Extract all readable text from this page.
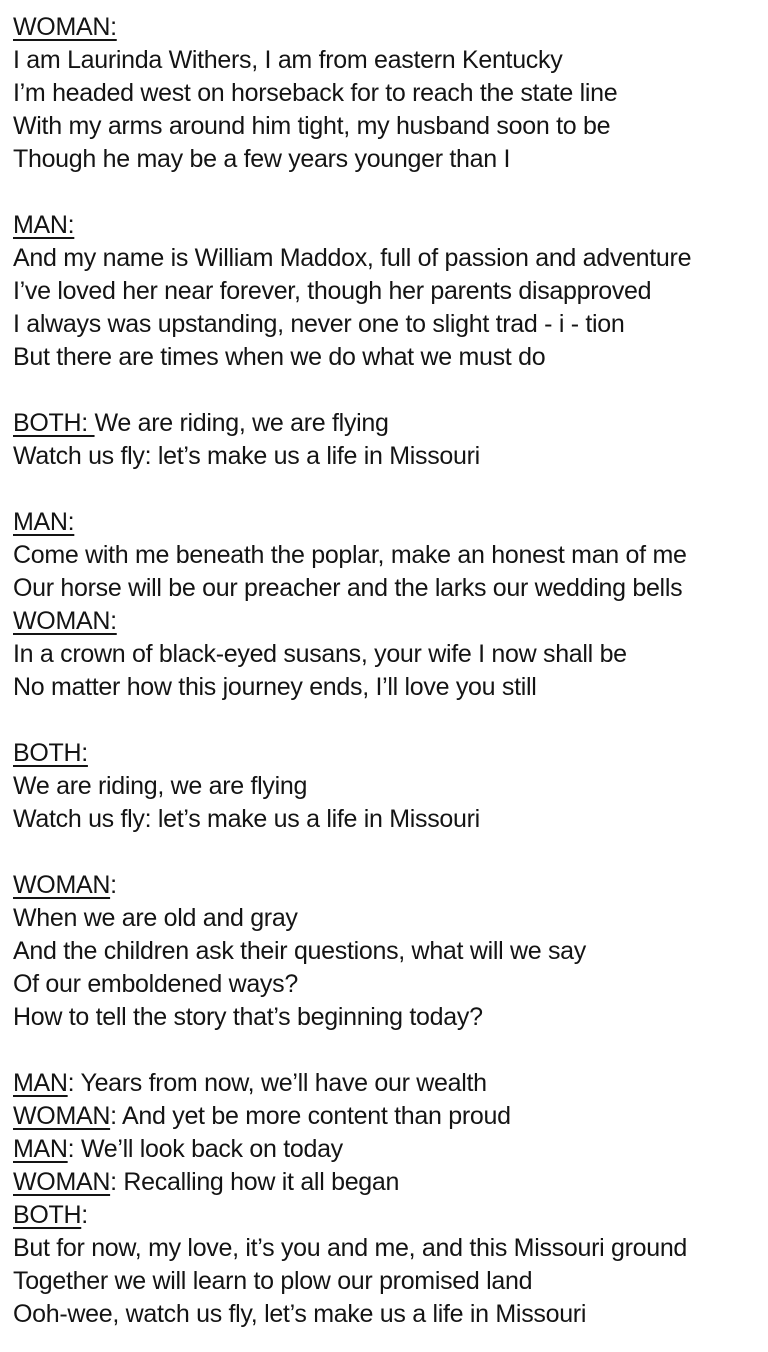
WOMAN:
I am Laurinda Withers, I am from eastern Kentucky
I’m headed west on horseback for to reach the state line
With my arms around him tight, my husband soon to be
Though he may be a few years younger than I
MAN:
And my name is William Maddox, full of passion and adventure
I’ve loved her near forever, though her parents disapproved
I always was upstanding, never one to slight trad - i - tion
But there are times when we do what we must do
BOTH: We are riding, we are flying
Watch us fly: let’s make us a life in Missouri
MAN:
Come with me beneath the poplar, make an honest man of me
Our horse will be our preacher and the larks our wedding bells
WOMAN:
In a crown of black-eyed susans, your wife I now shall be
No matter how this journey ends, I’ll love you still
BOTH:
We are riding, we are flying
Watch us fly: let’s make us a life in Missouri
WOMAN:
When we are old and gray
And the children ask their questions, what will we say
Of our emboldened ways?
How to tell the story that’s beginning today?
MAN: Years from now, we’ll have our wealth
WOMAN: And yet be more content than proud
MAN: We’ll look back on today
WOMAN: Recalling how it all began
BOTH:
But for now, my love, it’s you and me, and this Missouri ground
Together we will learn to plow our promised land
Ooh-wee, watch us fly, let’s make us a life in Missouri
